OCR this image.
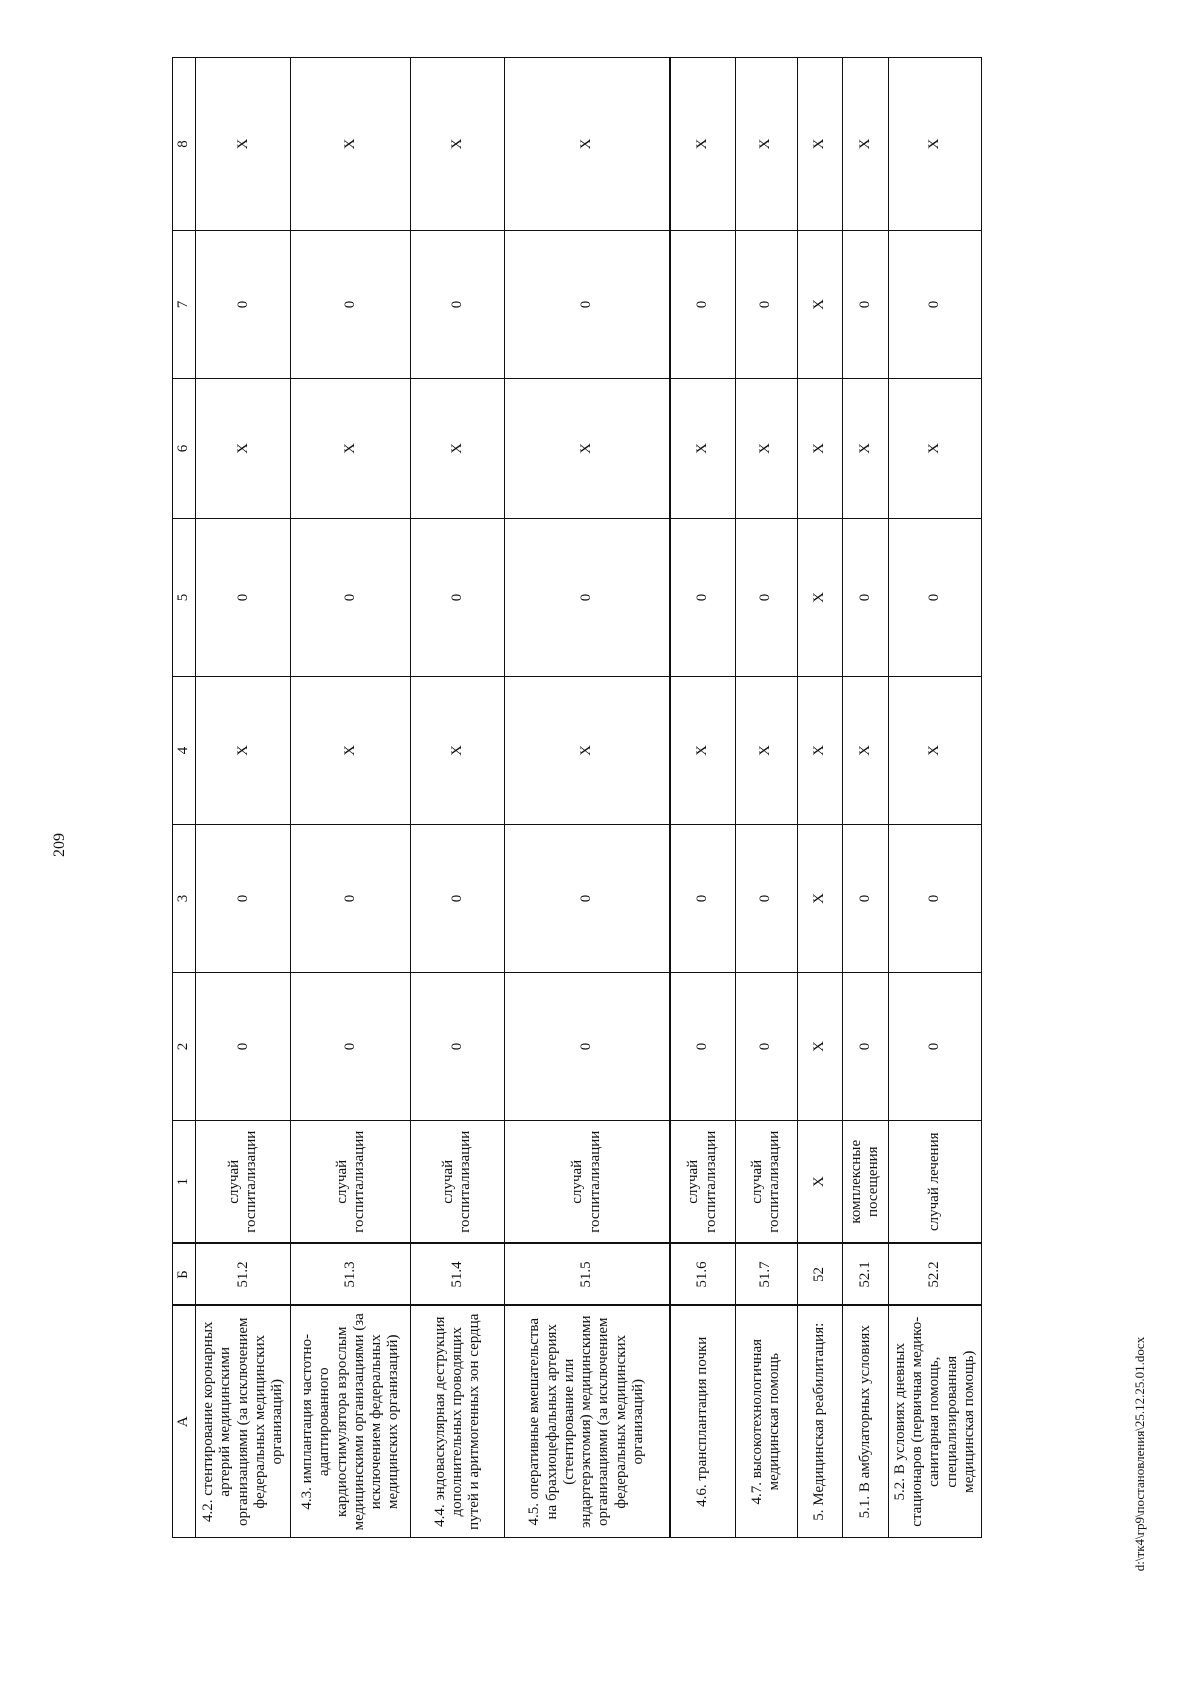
209
А	Б	1	2	3	4	5	6	7	8
4.2. стентирование коронарных артерий медицинскими организациями (за исключением федеральных медицинских организаций)	51.2	случай госпитализации	0	0	X	0	X	0	X
4.3. имплантация частотно-адаптированного кардиостимулятора взрослым медицинскими организациями (за исключением федеральных медицинских организаций)	51.3	случай госпитализации	0	0	X	0	X	0	X
4.4. эндоваскулярная деструкция дополнительных проводящих путей и аритмогенных зон сердца	51.4	случай госпитализации	0	0	X	0	X	0	X
4.5. оперативные вмешательства на брахиоцефальных артериях (стентирование или эндартерэктомия) медицинскими организациями (за исключением федеральных медицинских организаций)	51.5	случай госпитализации	0	0	X	0	X	0	X
4.6. трансплантация почки	51.6	случай госпитализации	0	0	X	0	X	0	X
4.7. высокотехнологичная медицинская помощь	51.7	случай госпитализации	0	0	X	0	X	0	X
5. Медицинская реабилитация:	52	X	X	X	X	X	X	X	X
5.1. В амбулаторных условиях	52.1	комплексные посещения	0	0	X	0	X	0	X
5.2. В условиях дневных стационаров (первичная медико-санитарная помощь, специализированная медицинская помощь)	52.2	случай лечения	0	0	X	0	X	0	X
d:\тк4\гр9\постановления\25.12.25.01.docx
